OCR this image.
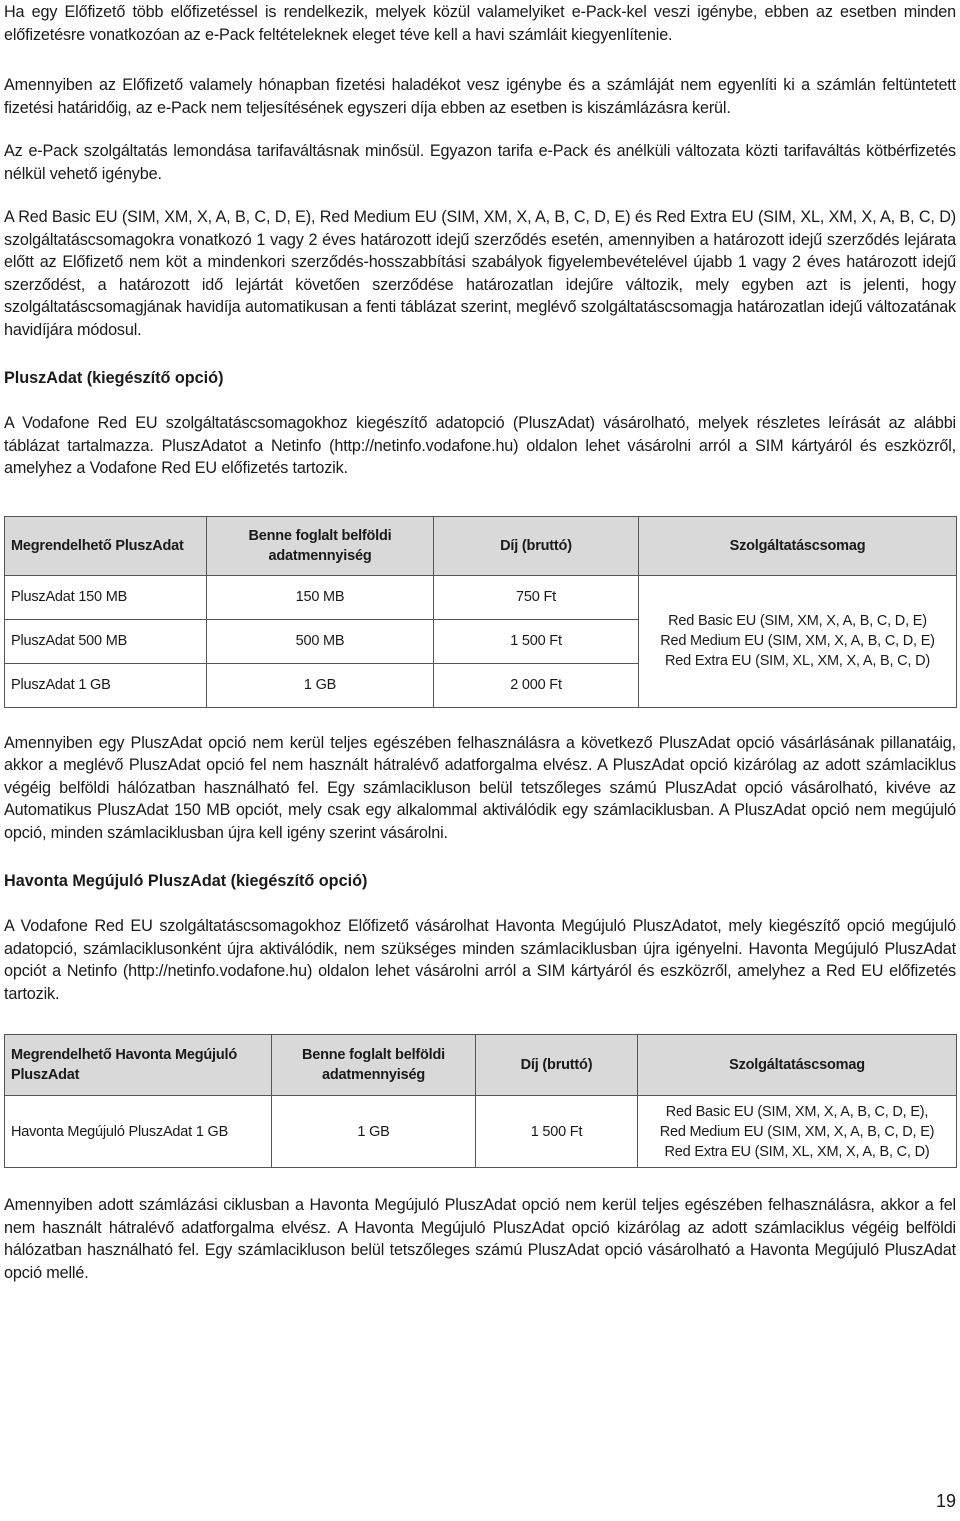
Ha egy Előfizető több előfizetéssel is rendelkezik, melyek közül valamelyiket e-Pack-kel veszi igénybe, ebben az esetben minden előfizetésre vonatkozóan az e-Pack feltételeknek eleget téve kell a havi számláit kiegyenlítenie.

Amennyiben az Előfizető valamely hónapban fizetési haladékot vesz igénybe és a számláját nem egyenlíti ki a számlán feltüntetett fizetési határidőig, az e-Pack nem teljesítésének egyszeri díja ebben az esetben is kiszámlázásra kerül.

Az e-Pack szolgáltatás lemondása tarifaváltásnak minősül. Egyazon tarifa e-Pack és anélküli változata közti tarifaváltás kötbérfizetés nélkül vehető igénybe.

A Red Basic EU (SIM, XM, X, A, B, C, D, E), Red Medium EU (SIM, XM, X, A, B, C, D, E) és Red Extra EU (SIM, XL, XM, X, A, B, C, D) szolgáltatáscsomagokra vonatkozó 1 vagy 2 éves határozott idejű szerződés esetén, amennyiben a határozott idejű szerződés lejárata előtt az Előfizető nem köt a mindenkori szerződés-hosszabbítási szabályok figyelembevételével újabb 1 vagy 2 éves határozott idejű szerződést, a határozott idő lejártát követően szerződése határozatlan idejűre változik, mely egyben azt is jelenti, hogy szolgáltatáscsomagjának havidíja automatikusan a fenti táblázat szerint, meglévő szolgáltatáscsomagja határozatlan idejű változatának havidíjára módosul.

PluszAdat (kiegészítő opció)

A Vodafone Red EU szolgáltatáscsomagokhoz kiegészítő adatopció (PluszAdat) vásárolható, melyek részletes leírását az alábbi táblázat tartalmazza. PluszAdatot a Netinfo (http://netinfo.vodafone.hu) oldalon lehet vásárolni arról a SIM kártyáról és eszközről, amelyhez a Vodafone Red EU előfizetés tartozik.

Megrendelhető PluszAdat	Benne foglalt belföldi adatmennyiség	Díj (bruttó)	Szolgáltatáscsomag
PluszAdat 150 MB	150 MB	750 Ft	Red Basic EU (SIM, XM, X, A, B, C, D, E)
Red Medium EU (SIM, XM, X, A, B, C, D, E)
Red Extra EU (SIM, XL, XM, X, A, B, C, D)

PluszAdat 500 MB	500 MB	1 500 Ft	
PluszAdat 1 GB	1 GB	2 000 Ft	

Amennyiben egy PluszAdat opció nem kerül teljes egészében felhasználásra a következő PluszAdat opció vásárlásának pillanatáig, akkor a meglévő PluszAdat opció fel nem használt hátralévő adatforgalma elvész. A PluszAdat opció kizárólag az adott számlaciklus végéig belföldi hálózatban használható fel. Egy számlacikluson belül tetszőleges számú PluszAdat opció vásárolható, kivéve az Automatikus PluszAdat 150 MB opciót, mely csak egy alkalommal aktiválódik egy számlaciklusban. A PluszAdat opció nem megújuló opció, minden számlaciklusban újra kell igény szerint vásárolni.

Havonta Megújuló PluszAdat (kiegészítő opció)

A Vodafone Red EU szolgáltatáscsomagokhoz Előfizető vásárolhat Havonta Megújuló PluszAdatot, mely kiegészítő opció megújuló adatopció, számlaciklusonként újra aktiválódik, nem szükséges minden számlaciklusban újra igényelni. Havonta Megújuló PluszAdat opciót a Netinfo (http://netinfo.vodafone.hu) oldalon lehet vásárolni arról a SIM kártyáról és eszközről, amelyhez a Red EU előfizetés tartozik.

Megrendelhető Havonta Megújuló PluszAdat	Benne foglalt belföldi adatmennyiség	Díj (bruttó)	Szolgáltatáscsomag
Havonta Megújuló PluszAdat 1 GB	1 GB	1 500 Ft	Red Basic EU (SIM, XM, X, A, B, C, D, E),
Red Medium EU (SIM, XM, X, A, B, C, D, E)
Red Extra EU (SIM, XL, XM, X, A, B, C, D)

Amennyiben adott számlázási ciklusban a Havonta Megújuló PluszAdat opció nem kerül teljes egészében felhasználásra, akkor a fel nem használt hátralévő adatforgalma elvész. A Havonta Megújuló PluszAdat opció kizárólag az adott számlaciklus végéig belföldi hálózatban használható fel. Egy számlacikluson belül tetszőleges számú PluszAdat opció vásárolható a Havonta Megújuló PluszAdat opció mellé.

19
